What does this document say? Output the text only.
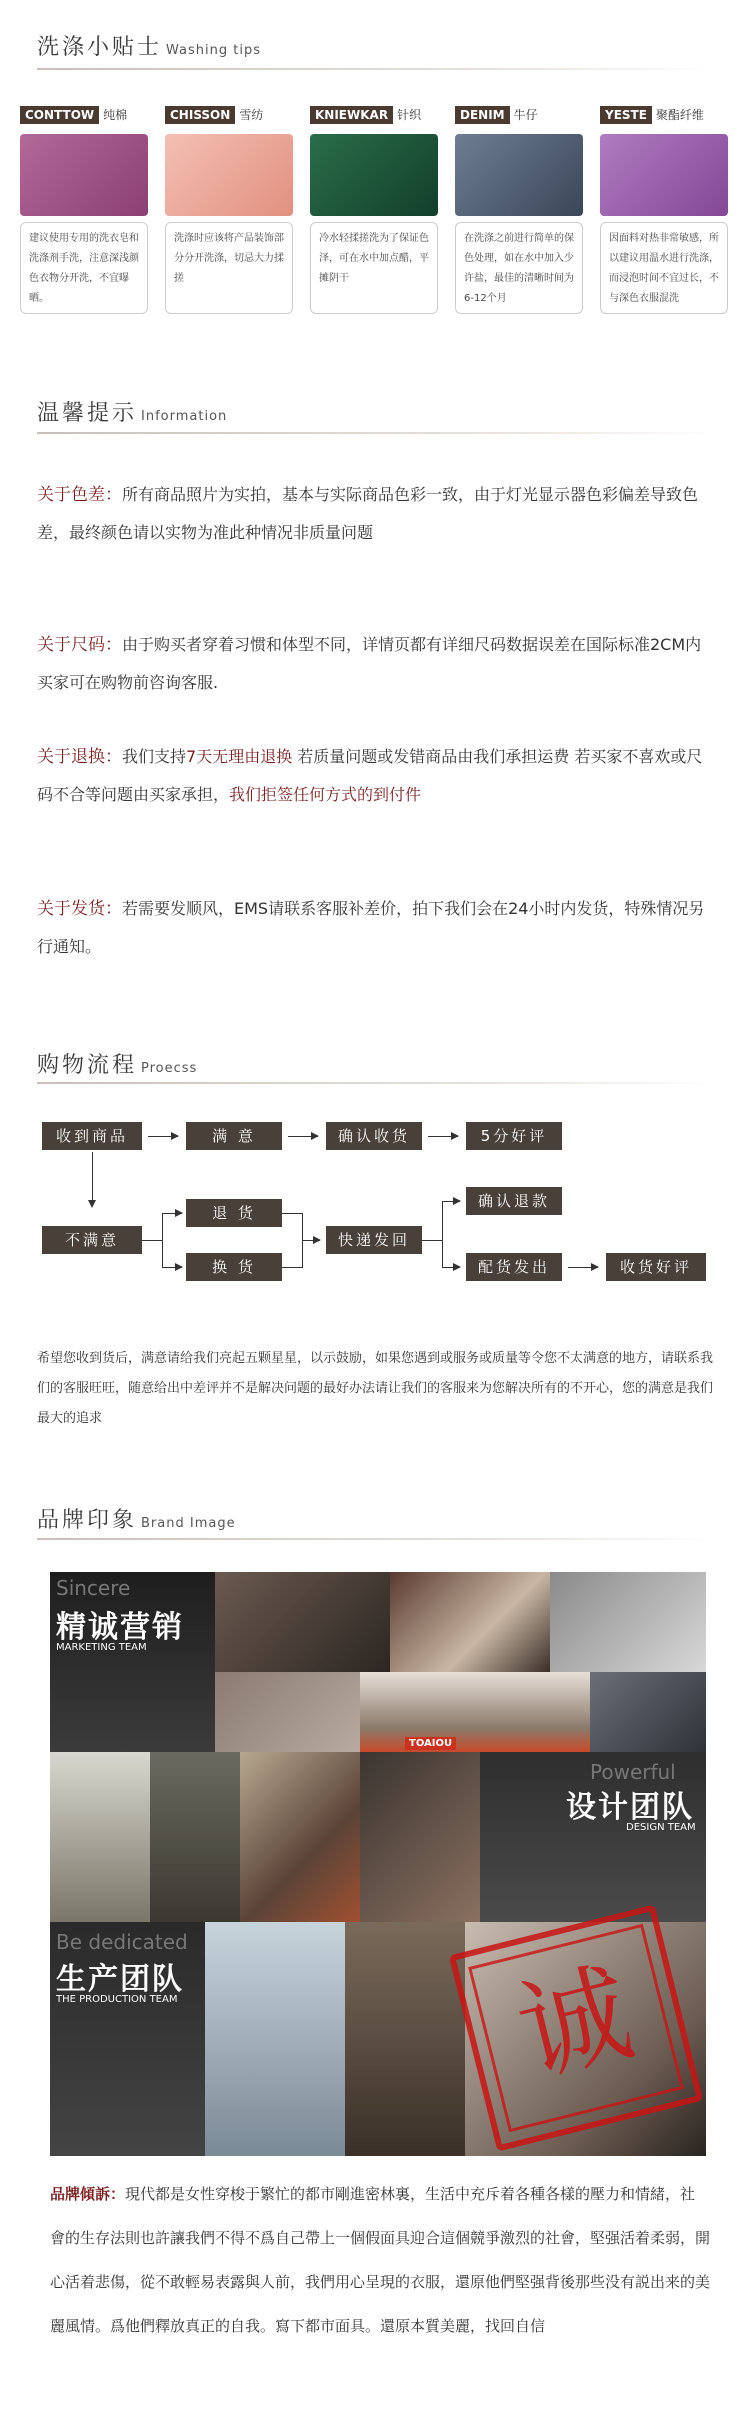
洗涤小贴士 Washing tips
CONTTOW 纯棉
建议使用专用的洗衣皂和洗涤剂手洗，注意深浅颜色衣物分开洗，不宜曝晒。
CHISSON 雪纺
洗涤时应该将产品装饰部分分开洗涤，切忌大力揉搓
KNIEWKAR 针织
冷水轻揉搓洗为了保证色泽，可在水中加点醋，平摊阴干
DENIM 牛仔
在洗涤之前进行简单的保色处理，如在水中加入少许盐，最佳的清晰时间为6-12个月
YESTE 聚酯纤维
因面料对热非常敏感，所以建议用温水进行洗涤，而浸泡时间不宜过长，不与深色衣服混洗
温馨提示 Information
关于色差：所有商品照片为实拍，基本与实际商品色彩一致，由于灯光显示器色彩偏差导致色差，最终颜色请以实物为准此种情况非质量问题
关于尺码：由于购买者穿着习惯和体型不同，详情页都有详细尺码数据误差在国际标准2CM内买家可在购物前咨询客服.
关于退换：我们支持7天无理由退换 若质量问题或发错商品由我们承担运费 若买家不喜欢或尺码不合等问题由买家承担，我们拒签任何方式的到付件
关于发货：若需要发顺风，EMS请联系客服补差价，拍下我们会在24小时内发货，特殊情况另行通知。
购物流程 Proecss
收到商品	满 意	确认收货	5分好评
不满意
退 货
换 货
快递发回
确认退款
配货发出	收货好评
希望您收到货后，满意请给我们亮起五颗星星，以示鼓励，如果您遇到或服务或质量等令您不太满意的地方，请联系我们的客服旺旺，随意给出中差评并不是解决问题的最好办法请让我们的客服来为您解决所有的不开心，您的满意是我们最大的追求
品牌印象 Brand Image
TOAIOU
Sincere
精诚营销
MARKETING TEAM
Powerful
设计团队
DESIGN TEAM
Be dedicated
生产团队
THE PRODUCTION TEAM	诚
品牌傾訴：現代都是女性穿梭于繁忙的都市剛進密林裏，生活中充斥着各種各樣的壓力和情緒，社會的生存法則也許讓我們不得不爲自己帶上一個假面具迎合這個競爭激烈的社會，堅强活着柔弱，開心活着悲傷，從不敢輕易表露與人前，我們用心呈現的衣服，還原他們堅强背後那些没有説出来的美麗風情。爲他們釋放真正的自我。寫下都市面具。還原本質美麗，找回自信
